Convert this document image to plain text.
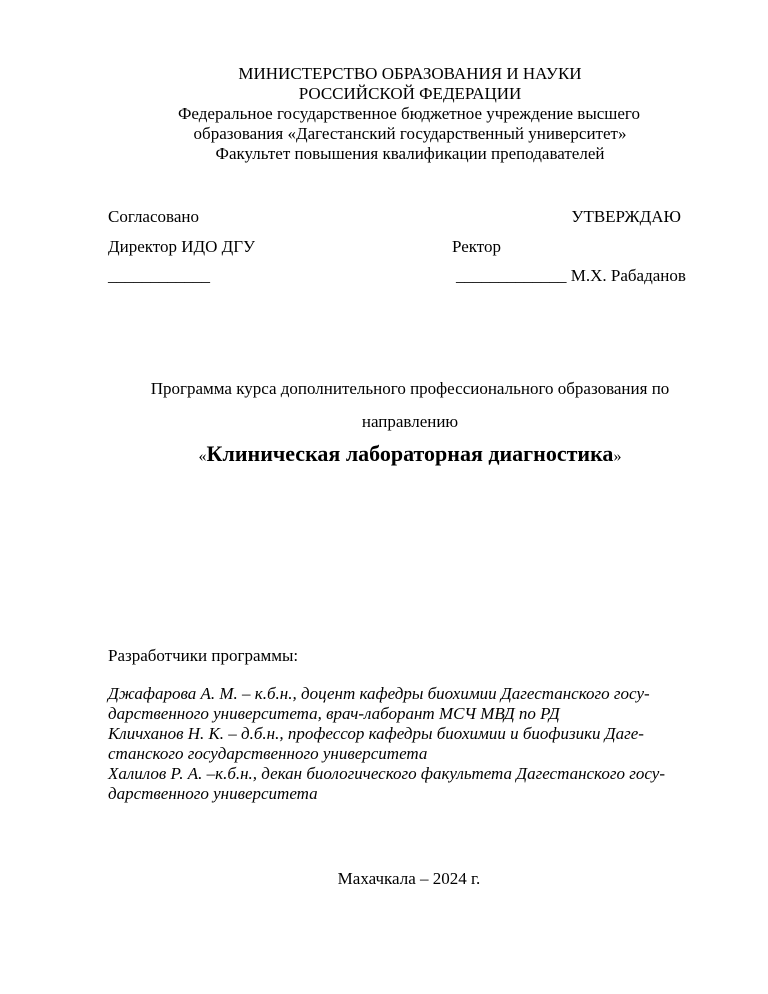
МИНИСТЕРСТВО ОБРАЗОВАНИЯ И НАУКИ
РОССИЙСКОЙ ФЕДЕРАЦИИ
Федеральное государственное бюджетное учреждение высшего
образования «Дагестанский государственный университет»
Факультет повышения квалификации преподавателей
Согласовано	УТВЕРЖДАЮ
Директор ИДО ДГУ	Ректор
____________	_____________ М.Х. Рабаданов
Программа курса дополнительного профессионального образования по
направлению
«Клиническая лабораторная диагностика»
Разработчики программы:
Джафарова А. М. – к.б.н., доцент кафедры биохимии Дагестанского госу-
дарственного университета, врач-лаборант МСЧ МВД по РД
Кличханов Н. К. – д.б.н., профессор кафедры биохимии и биофизики Даге-
станского государственного университета
Халилов Р. А. –к.б.н., декан биологического факультета Дагестанского госу-
дарственного университета
Махачкала – 2024 г.
